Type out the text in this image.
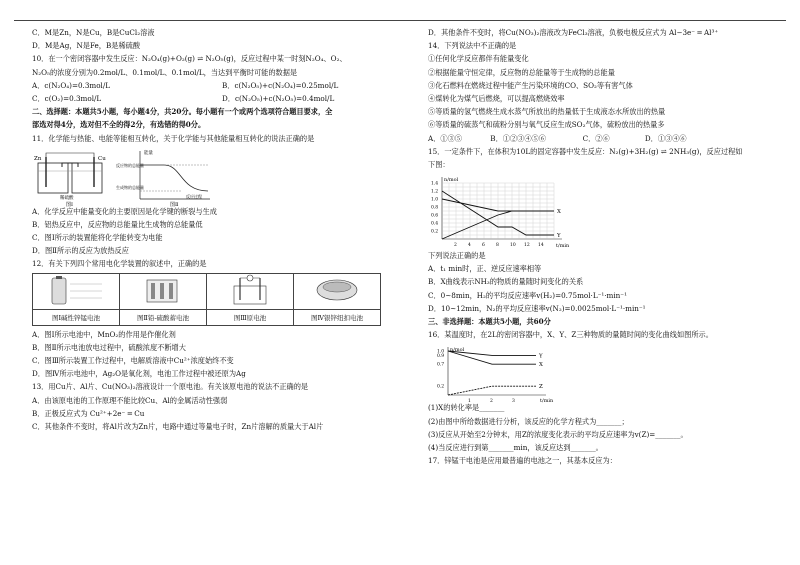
C．M是Zn，N是Cu，B是CuCl₂溶液
D．M是Ag，N是Fe，B是稀硫酸
10．在一个密闭容器中发生反应：N₂O₄(g)+O₂(g) ⇌ N₂O₅(g)，反应过程中某一时刻N₂O₄、O₂、
N₂O₅的浓度分别为0.2mol/L、0.1mol/L、0.1mol/L，当达到平衡时可能的数据是
A．c(N₂O₄)=0.3mol/L	B．c(N₂O₅)+c(N₂O₄)=0.25mol/L
C．c(O₂)=0.3mol/L	D．c(N₂O₅)+c(N₂O₅)=0.4mol/L
二、选择题：本题共5小题，每小题4分，共20分。每小题有一个或两个选项符合题目要求，全
部选对得4分，选对但不全的得2分，有选错的得0分。
11．化学能与热能、电能等能相互转化，关于化学能与其他能量相互转化的说法正确的是
Zn	Cu
稀硫酸
图Ⅰ
能量
反应物的总能量
生成物的总能量
反应过程
图Ⅱ
A．化学反应中能量变化的主要原因是化学键的断裂与生成
B．铝热反应中，反应物的总能量比生成物的总能量低
C．图Ⅰ所示的装置能将化学能转变为电能
D．图Ⅱ所示的反应为放热反应
12．有关下列四个常用电化学装置的叙述中，正确的是

图Ⅰ碱性锌锰电池	图Ⅱ铅-硫酸蓄电池	图Ⅲ原电池	图Ⅳ银锌纽扣电池
A．图Ⅰ所示电池中，MnO₂的作用是作催化剂
B．图Ⅱ所示电池放电过程中，硫酸浓度不断增大
C．图Ⅲ所示装置工作过程中，电解质溶液中Cu²⁺浓度始终不变
D．图Ⅳ所示电池中，Ag₂O是氧化剂，电池工作过程中被还原为Ag
13．用Cu片、Al片、Cu(NO₃)₂溶液设计一个原电池。有关该原电池的说法不正确的是
A．由该原电池的工作原理不能比较Cu、Al的金属活动性强弱
B．正极反应式为 Cu²⁺+2e⁻ ═ Cu
C．其他条件不变时，将Al片改为Zn片，电路中通过等量电子时，Zn片溶解的质量大于Al片
D．其他条件不变时，将Cu(NO₃)₂溶液改为FeCl₃溶液，负极电极反应式为 Al−3e⁻ ═ Al³⁺
14．下列说法中不正确的是
①任何化学反应都伴有能量变化
②根据能量守恒定律，反应物的总能量等于生成物的总能量
③化石燃料在燃烧过程中能产生污染环境的CO、SO₂等有害气体
④煤转化为煤气后燃烧，可以提高燃烧效率
⑤等质量的氢气燃烧生成水蒸气所放出的热量低于生成液态水所放出的热量
⑥等质量的硫蒸气和硫粉分别与氧气反应生成SO₂气体，硫粉放出的热量多
A．①③⑤	B．①②③④⑤⑥	C．②⑥	D．①③④⑥
15．一定条件下，在体积为10L的固定容器中发生反应：N₂(g)+3H₂(g) ⇌ 2NH₃(g)，反应过程如
下图：
n/mol
t/min
2 4 6 8 10 12 14
0.2
0.4
0.6
0.8
1.0
1.2
1.4
X
Y
下列说法正确的是
A．t₁ min时，正、逆反应速率相等
B．X曲线表示NH₃的物质的量随时间变化的关系
C．0~8min，H₂的平均反应速率v(H₂)=0.75mol·L⁻¹·min⁻¹
D．10~12min，N₂的平均反应速率v(N₂)=0.0025mol·L⁻¹·min⁻¹
三、非选择题：本题共5小题，共60分
16．某温度时，在2L的密闭容器中，X、Y、Z三种物质的量随时间的变化曲线如图所示。
n/mol
t/min
1	2	3
0.2
0.7
0.9
1.0
Y
X
Z
(1)X的转化率是_______
(2)由图中所给数据进行分析，该反应的化学方程式为_______；
(3)反应从开始至2分钟末，用Z的浓度变化表示的平均反应速率为v(Z)=_______。
(4)当反应进行到第_______min，该反应达到_______。
17．锌锰干电池是应用最普遍的电池之一，其基本反应为：
